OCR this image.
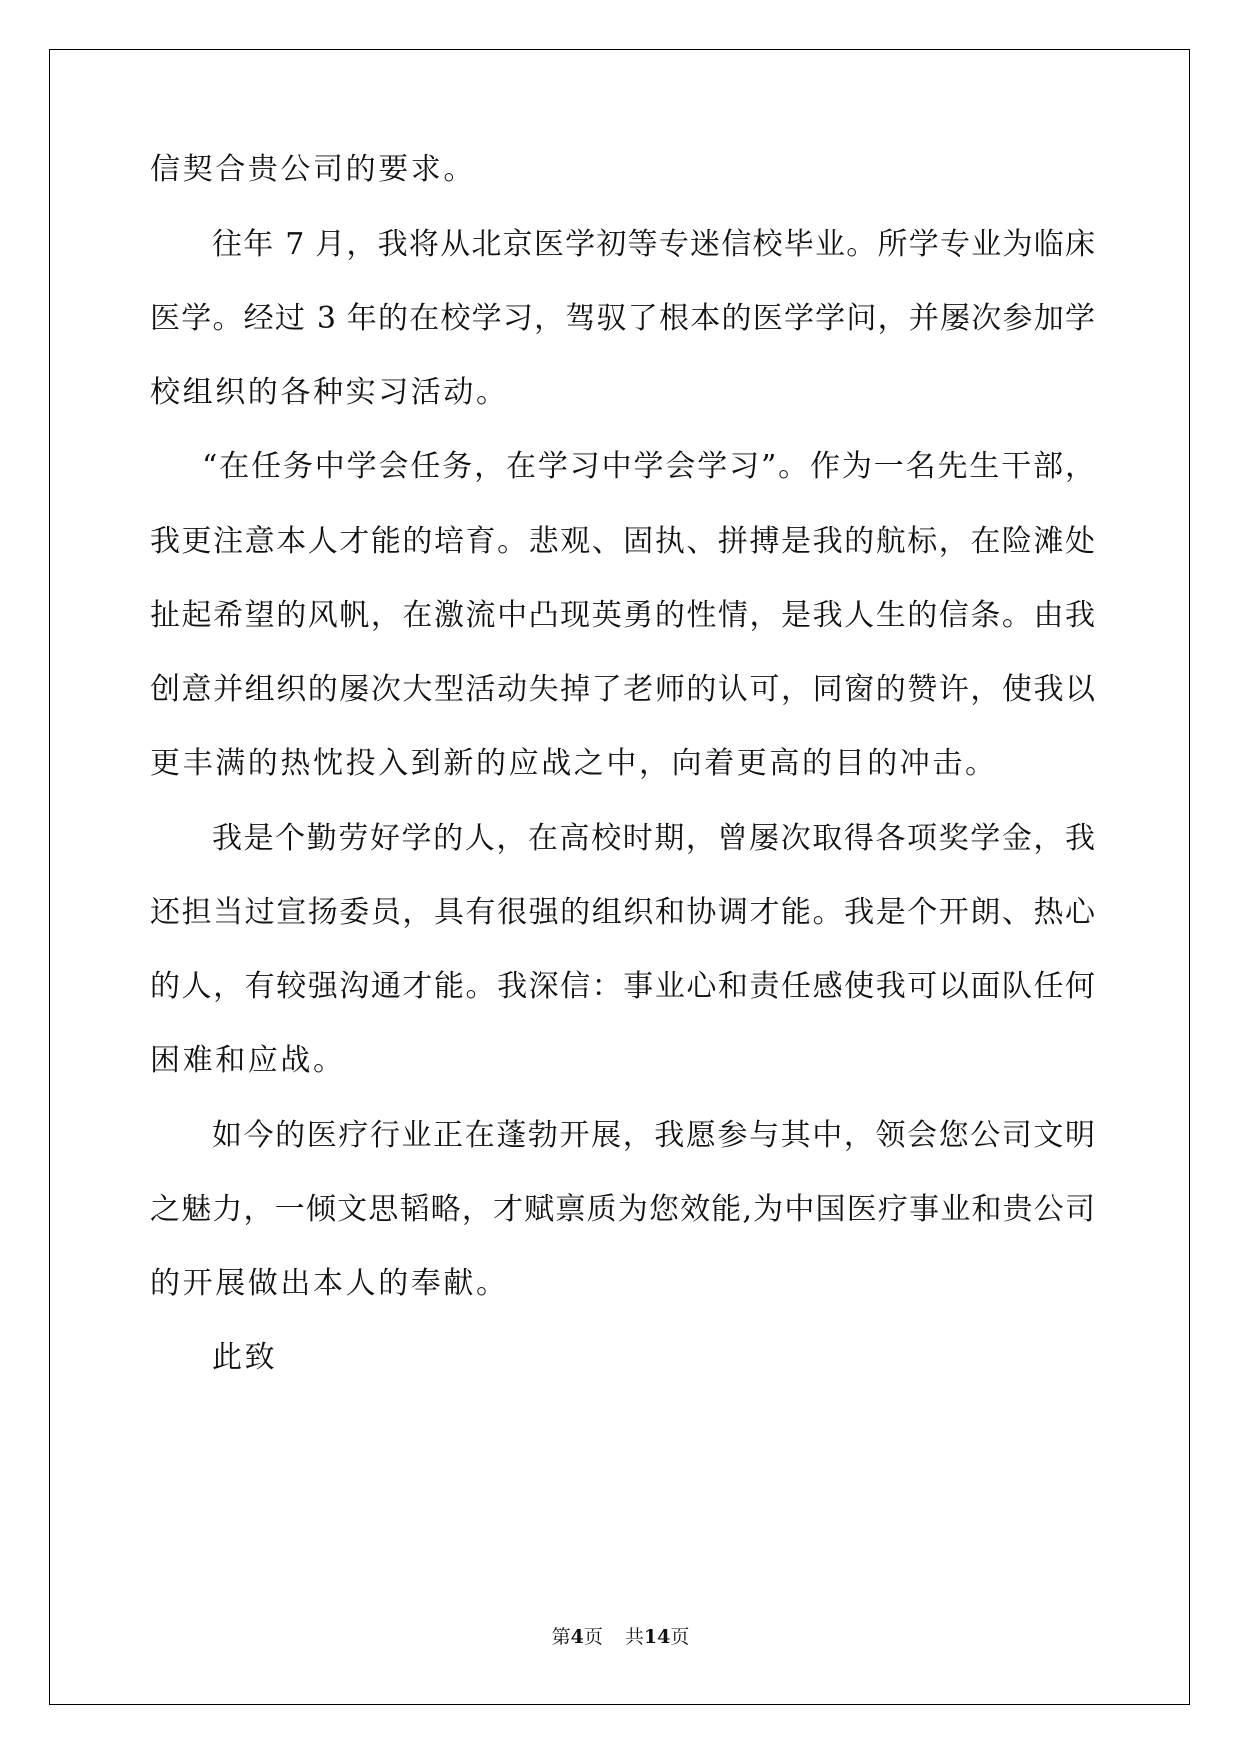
信契合贵公司的要求。
往年 7 月，我将从北京医学初等专迷信校毕业。所学专业为临床
医学。经过 3 年的在校学习，驾驭了根本的医学学问，并屡次参加学
校组织的各种实习活动。
“在任务中学会任务，在学习中学会学习”。作为一名先生干部，
我更注意本人才能的培育。悲观、固执、拼搏是我的航标，在险滩处
扯起希望的风帆，在激流中凸现英勇的性情，是我人生的信条。由我
创意并组织的屡次大型活动失掉了老师的认可，同窗的赞许，使我以
更丰满的热忱投入到新的应战之中，向着更高的目的冲击。
我是个勤劳好学的人，在高校时期，曾屡次取得各项奖学金，我
还担当过宣扬委员，具有很强的组织和协调才能。我是个开朗、热心
的人，有较强沟通才能。我深信：事业心和责任感使我可以面队任何
困难和应战。
如今的医疗行业正在蓬勃开展，我愿参与其中，领会您公司文明
之魅力，一倾文思韬略，才赋禀质为您效能,为中国医疗事业和贵公司
的开展做出本人的奉献。
此致
第4页 共14页
